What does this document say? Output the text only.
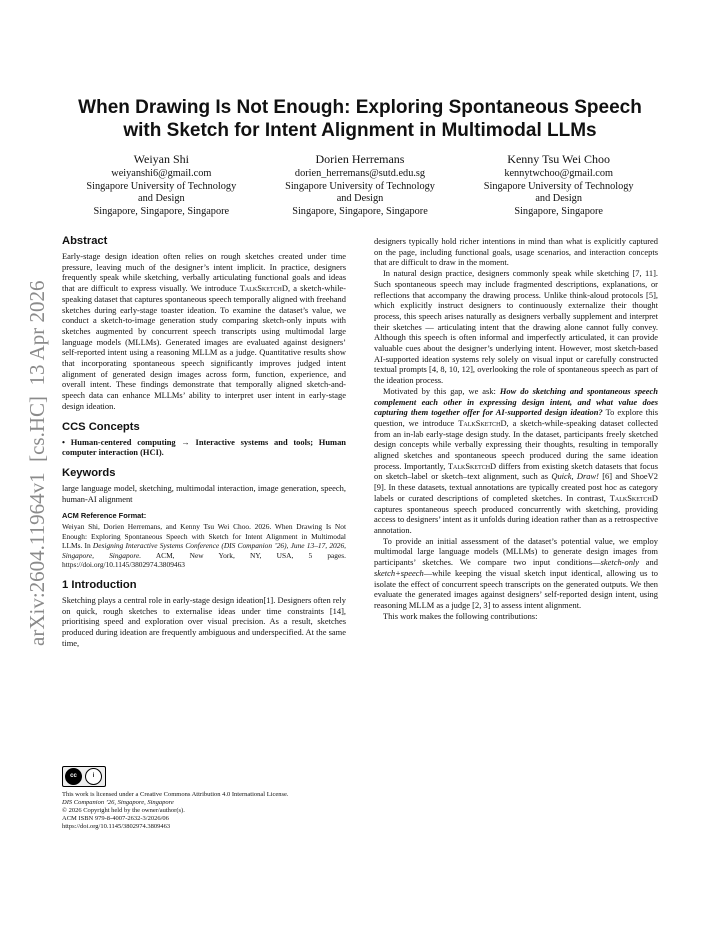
arXiv:2604.11964v1  [cs.HC]  13 Apr 2026
When Drawing Is Not Enough: Exploring Spontaneous Speech
with Sketch for Intent Alignment in Multimodal LLMs
Weiyan Shi
weiyanshi6@gmail.com
Singapore University of Technology
and Design
Singapore, Singapore, Singapore
Dorien Herremans
dorien_herremans@sutd.edu.sg
Singapore University of Technology
and Design
Singapore, Singapore, Singapore
Kenny Tsu Wei Choo
kennytwchoo@gmail.com
Singapore University of Technology
and Design
Singapore, Singapore
Abstract

Early-stage design ideation often relies on rough sketches created under time pressure, leaving much of the designer’s intent implicit. In practice, designers frequently speak while sketching, verbally articulating functional goals and ideas that are difficult to express visually. We introduce TalkSketchD, a sketch-while-speaking dataset that captures spontaneous speech temporally aligned with freehand sketches during early-stage toaster ideation. To examine the dataset’s value, we conduct a sketch-to-image generation study comparing sketch-only inputs with sketches augmented by concurrent speech transcripts using multimodal large language models (MLLMs). Generated images are evaluated against designers’ self-reported intent using a reasoning MLLM as a judge. Quantitative results show that incorporating spontaneous speech significantly improves judged intent alignment of generated design images across form, function, experience, and overall intent. These findings demonstrate that temporally aligned sketch-and-speech data can enhance MLLMs’ ability to interpret user intent in early-stage design ideation.

CCS Concepts

• Human-centered computing → Interactive systems and tools; Human computer interaction (HCI).

Keywords

large language model, sketching, multimodal interaction, image generation, speech, human-AI alignment

ACM Reference Format:

Weiyan Shi, Dorien Herremans, and Kenny Tsu Wei Choo. 2026. When Drawing Is Not Enough: Exploring Spontaneous Speech with Sketch for Intent Alignment in Multimodal LLMs. In Designing Interactive Systems Conference (DIS Companion ’26), June 13–17, 2026, Singapore, Singapore. ACM, New York, NY, USA, 5 pages. https://doi.org/10.1145/3802974.3809463

1 Introduction

Sketching plays a central role in early-stage design ideation[1]. Designers often rely on quick, rough sketches to externalise ideas under time constraints [14], prioritising speed and exploration over visual precision. As a result, sketches produced during ideation are frequently ambiguous and underspecified. At the same time,

cc	i
This work is licensed under a Creative Commons Attribution 4.0 International License.
DIS Companion ’26, Singapore, Singapore
© 2026 Copyright held by the owner/author(s).
ACM ISBN 979-8-4007-2632-3/2026/06
https://doi.org/10.1145/3802974.3809463

designers typically hold richer intentions in mind than what is explicitly captured on the page, including functional goals, usage scenarios, and interaction concepts that are difficult to draw in the moment.

In natural design practice, designers commonly speak while sketching [7, 11]. Such spontaneous speech may include fragmented descriptions, explanations, or reflections that accompany the drawing process. Unlike think-aloud protocols [5], which explicitly instruct designers to continuously externalize their thought process, this speech arises naturally as designers verbally supplement and interpret their sketches — articulating intent that the drawing alone cannot fully convey. Although this speech is often informal and imperfectly articulated, it can provide valuable cues about the designer’s underlying intent. However, most sketch-based AI-supported ideation systems rely solely on visual input or carefully constructed textual prompts [4, 8, 10, 12], overlooking the role of spontaneous speech as part of the ideation process.

Motivated by this gap, we ask: How do sketching and spontaneous speech complement each other in expressing design intent, and what value does capturing them together offer for AI-supported design ideation? To explore this question, we introduce TalkSketchD, a sketch-while-speaking dataset collected from an in-lab early-stage design study. In the dataset, participants freely sketched design concepts while verbally expressing their thoughts, resulting in temporally aligned sketches and spontaneous speech produced during the same ideation process. Importantly, TalkSketchD differs from existing sketch datasets that focus on sketch–label or sketch–text alignment, such as Quick, Draw! [6] and ShoeV2 [9]. In these datasets, textual annotations are typically created post hoc as category labels or curated descriptions of completed sketches. In contrast, TalkSketchD captures spontaneous speech produced concurrently with sketching, providing access to designers’ intent as it unfolds during ideation rather than as a retrospective annotation.

To provide an initial assessment of the dataset’s potential value, we employ multimodal large language models (MLLMs) to generate design images from participants’ sketches. We compare two input conditions—sketch-only and sketch+speech—while keeping the visual sketch input identical, allowing us to isolate the effect of concurrent speech transcripts on the generated outputs. We then evaluate the generated images against designers’ self-reported design intent, using reasoning MLLM as a judge [2, 3] to assess intent alignment.

This work makes the following contributions:
